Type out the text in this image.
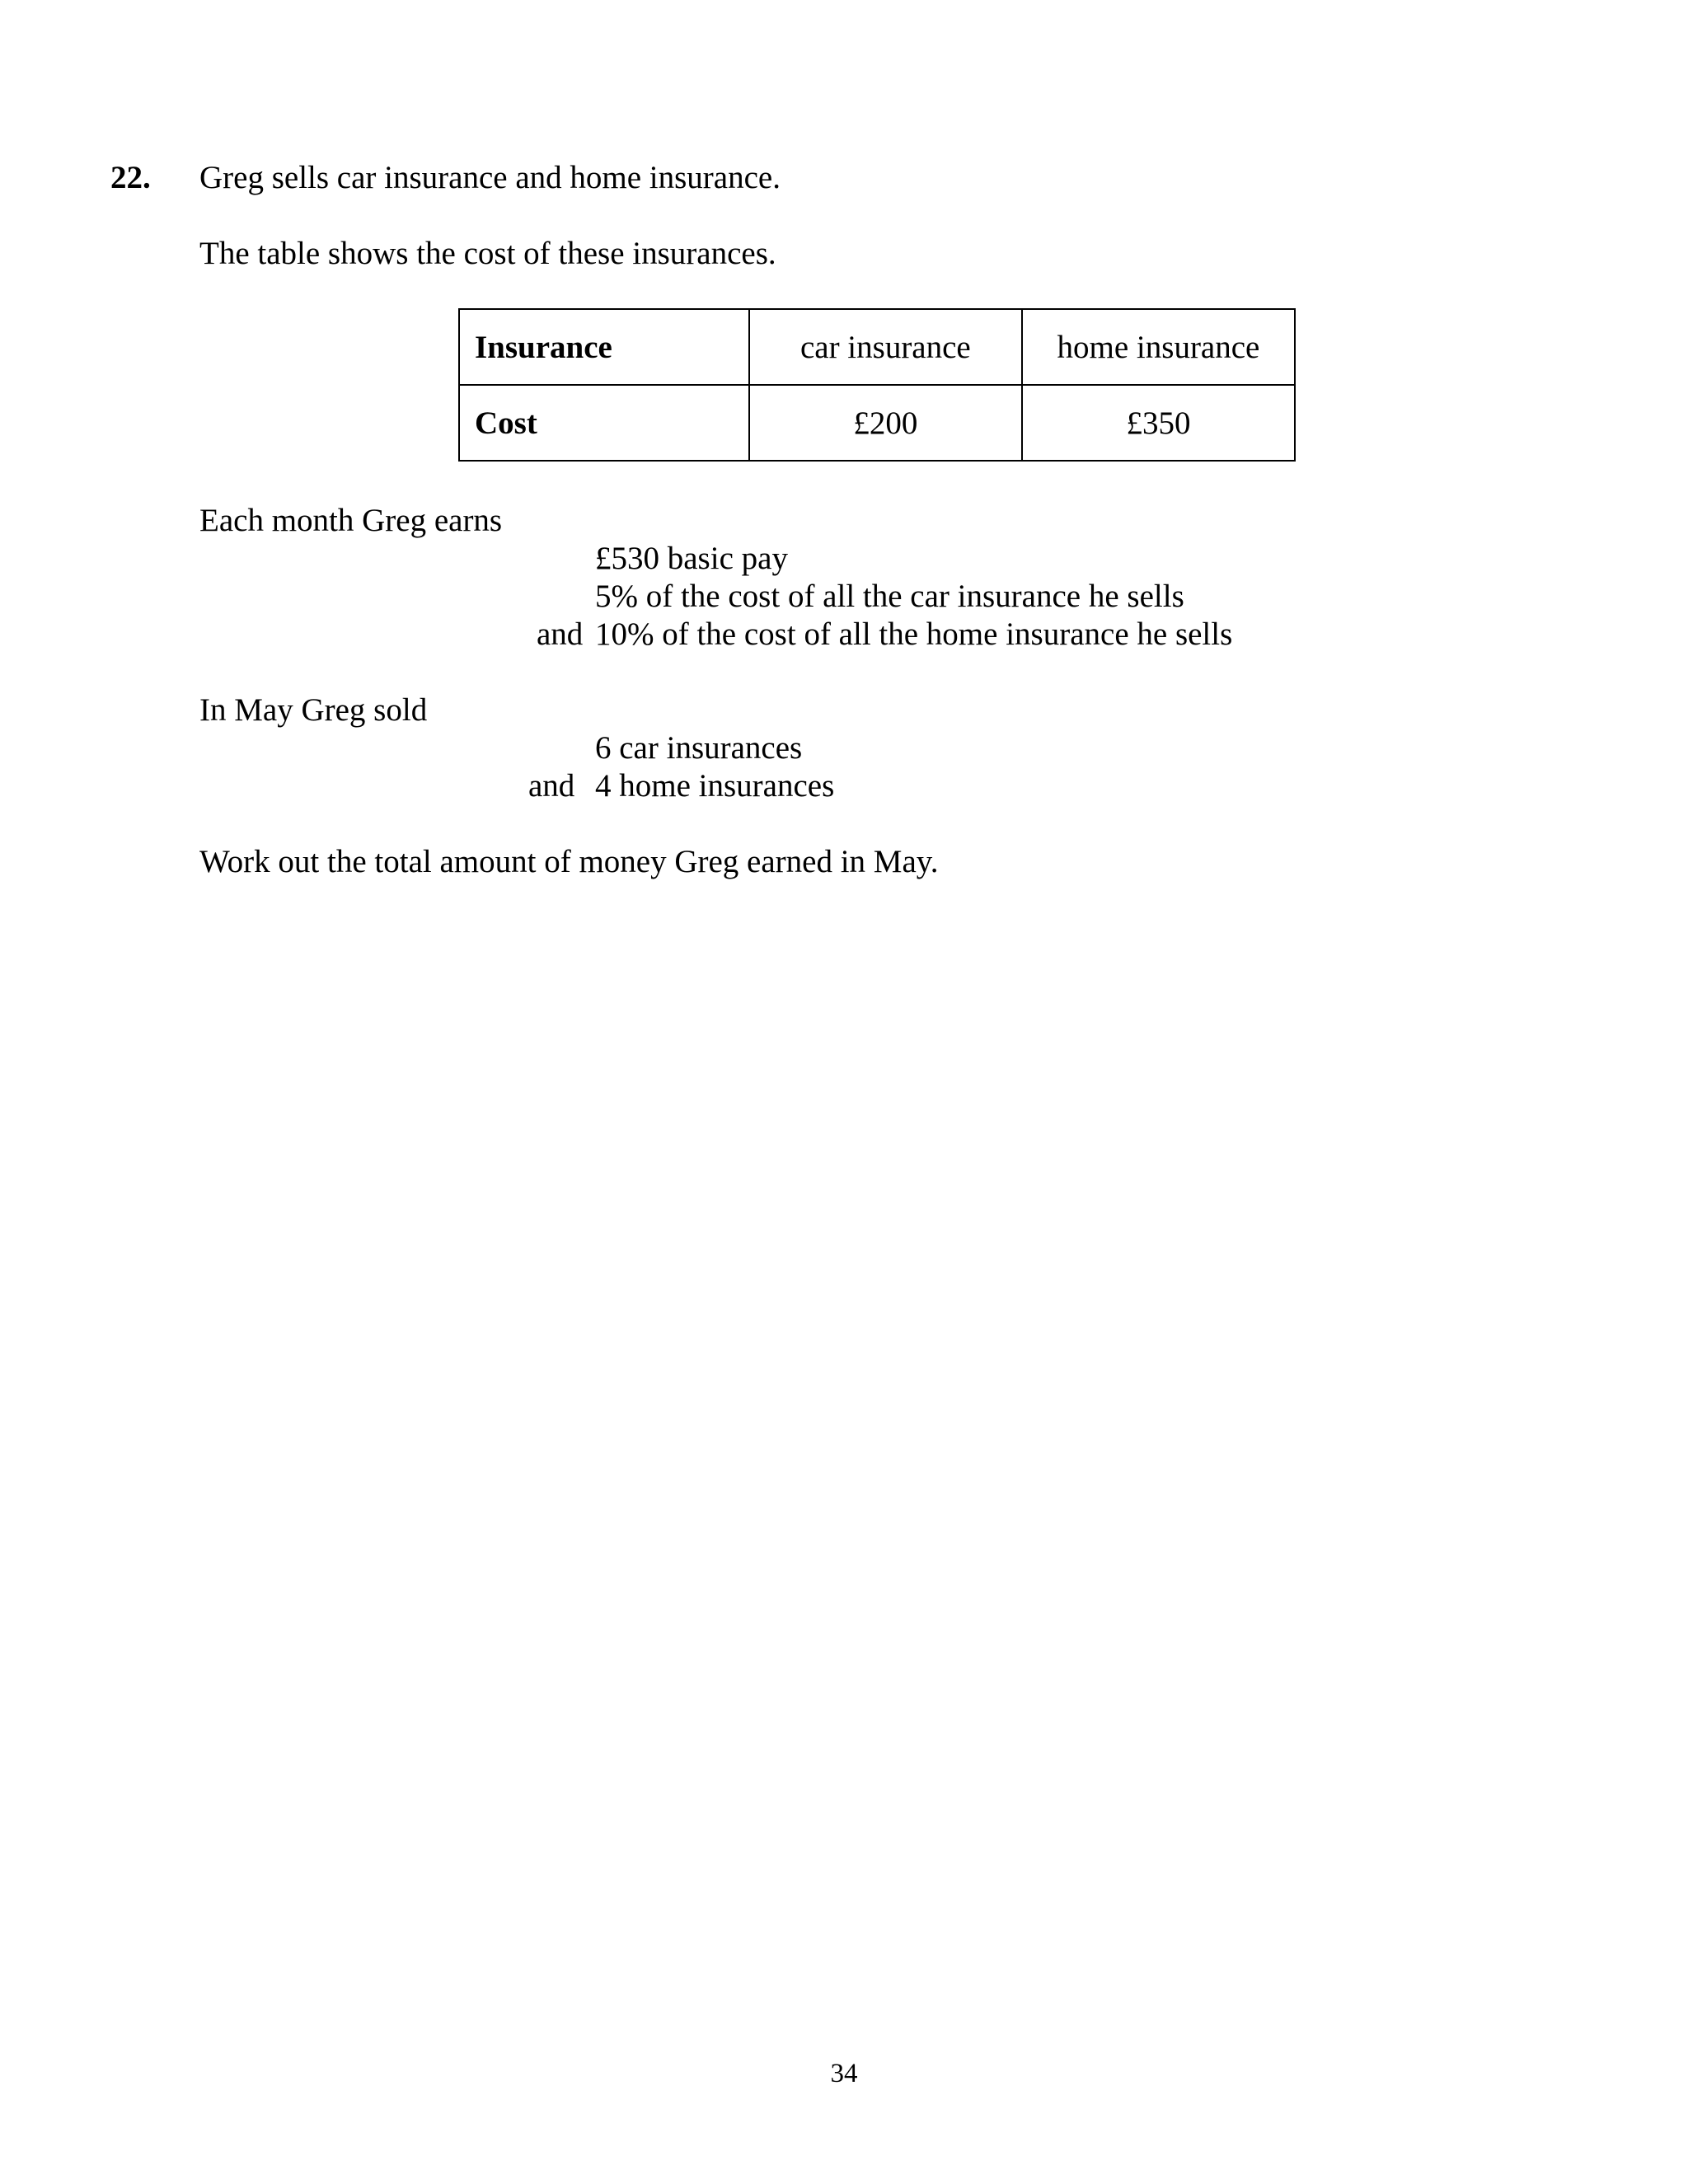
22. Greg sells car insurance and home insurance.
The table shows the cost of these insurances.
Insurance	car insurance	home insurance
Cost	£200	£350
Each month Greg earns
£530 basic pay
5% of the cost of all the car insurance he sells
and 10% of the cost of all the home insurance he sells
In May Greg sold
6 car insurances
and 4 home insurances
Work out the total amount of money Greg earned in May.
34
